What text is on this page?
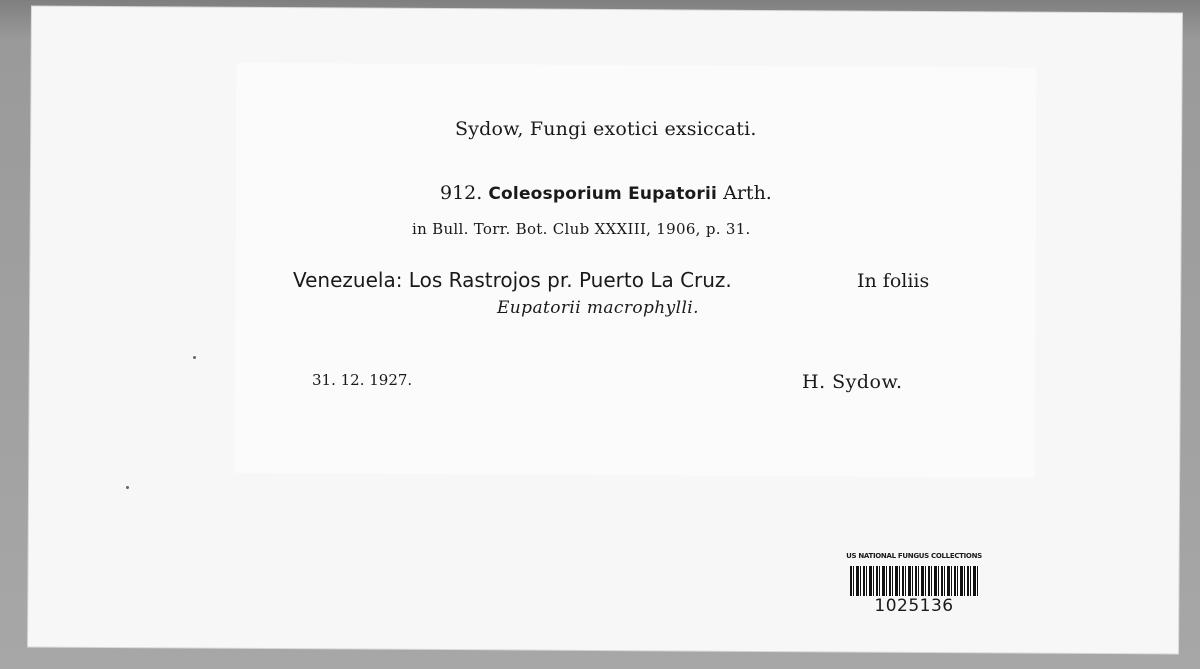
Sydow, Fungi exotici exsiccati.
912. Coleosporium Eupatorii Arth.
in Bull. Torr. Bot. Club XXXIII, 1906, p. 31.
Venezuela: Los Rastrojos pr. Puerto La Cruz.	In foliis
Eupatorii macrophylli.
31. 12. 1927.	H. Sydow.
US NATIONAL FUNGUS COLLECTIONS
1025136
